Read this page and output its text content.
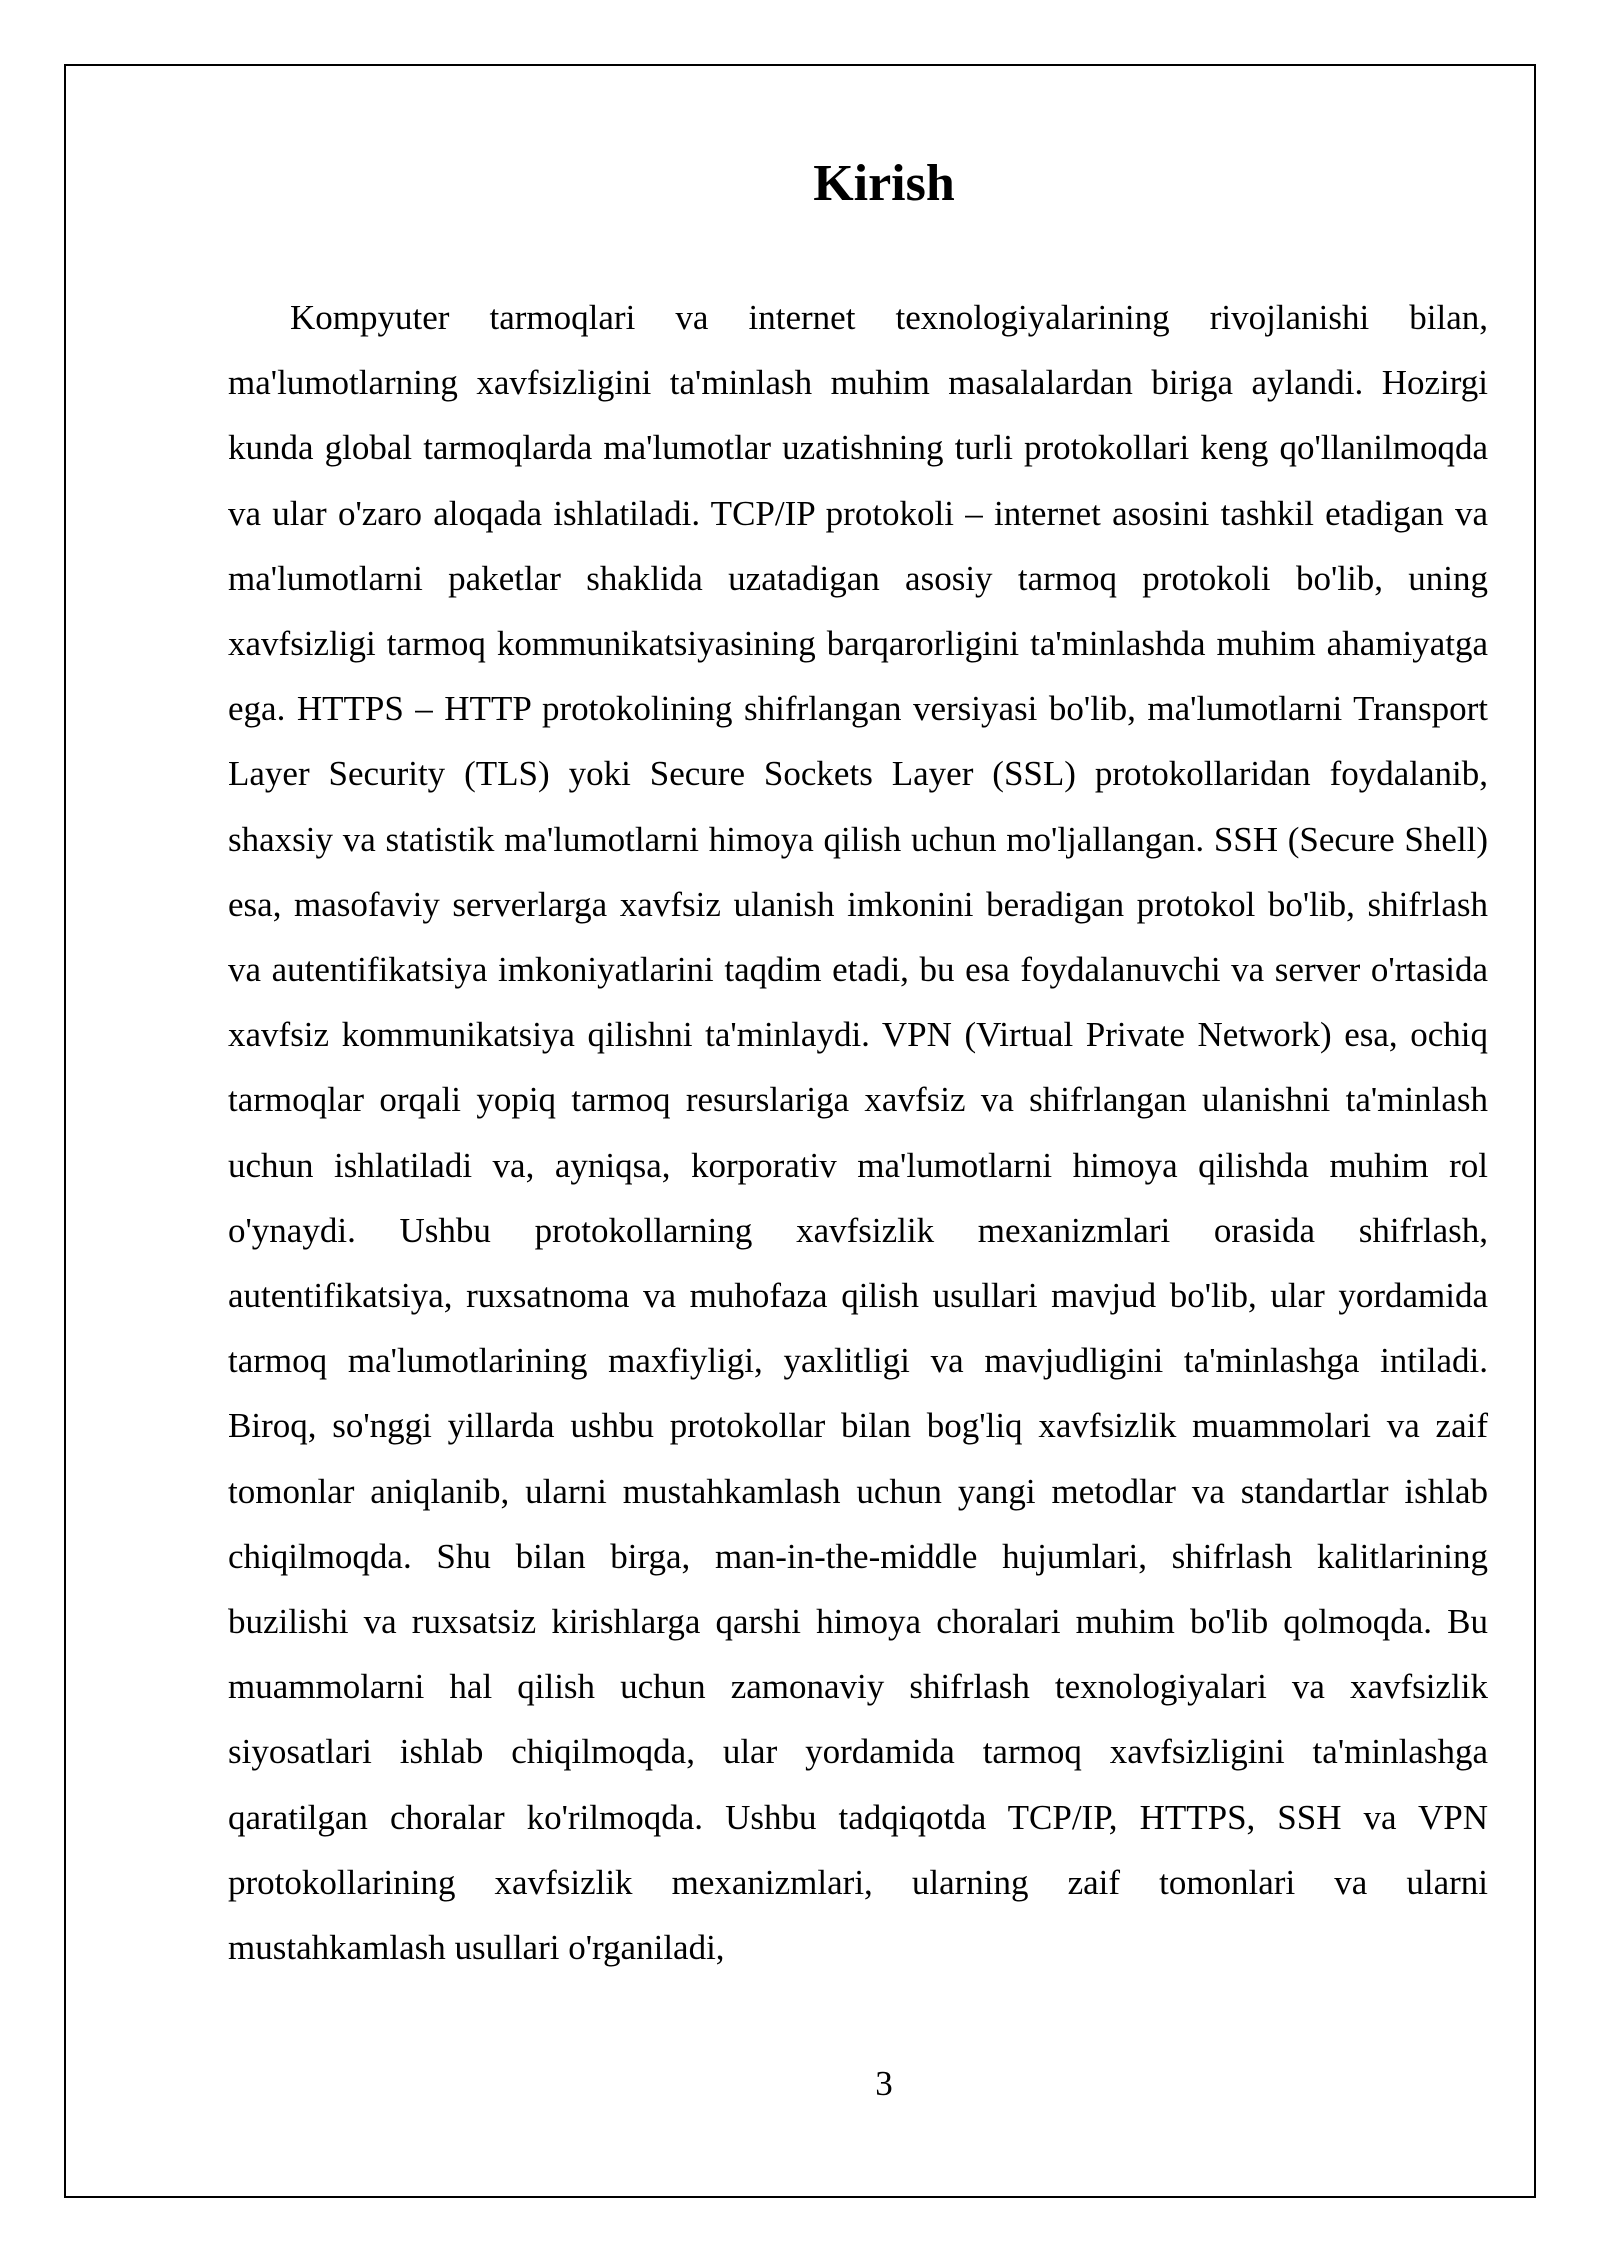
Kirish

Kompyuter tarmoqlari va internet texnologiyalarining rivojlanishi bilan, ma'lumotlarning xavfsizligini ta'minlash muhim masalalardan biriga aylandi. Hozirgi kunda global tarmoqlarda ma'lumotlar uzatishning turli protokollari keng qo'llanilmoqda va ular o'zaro aloqada ishlatiladi. TCP/IP protokoli – internet asosini tashkil etadigan va ma'lumotlarni paketlar shaklida uzatadigan asosiy tarmoq protokoli bo'lib, uning xavfsizligi tarmoq kommunikatsiyasining barqarorligini ta'minlashda muhim ahamiyatga ega. HTTPS – HTTP protokolining shifrlangan versiyasi bo'lib, ma'lumotlarni Transport Layer Security (TLS) yoki Secure Sockets Layer (SSL) protokollaridan foydalanib, shaxsiy va statistik ma'lumotlarni himoya qilish uchun mo'ljallangan. SSH (Secure Shell) esa, masofaviy serverlarga xavfsiz ulanish imkonini beradigan protokol bo'lib, shifrlash va autentifikatsiya imkoniyatlarini taqdim etadi, bu esa foydalanuvchi va server o'rtasida xavfsiz kommunikatsiya qilishni ta'minlaydi. VPN (Virtual Private Network) esa, ochiq tarmoqlar orqali yopiq tarmoq resurslariga xavfsiz va shifrlangan ulanishni ta'minlash uchun ishlatiladi va, ayniqsa, korporativ ma'lumotlarni himoya qilishda muhim rol o'ynaydi. Ushbu protokollarning xavfsizlik mexanizmlari orasida shifrlash, autentifikatsiya, ruxsatnoma va muhofaza qilish usullari mavjud bo'lib, ular yordamida tarmoq ma'lumotlarining maxfiyligi, yaxlitligi va mavjudligini ta'minlashga intiladi. Biroq, so'nggi yillarda ushbu protokollar bilan bog'liq xavfsizlik muammolari va zaif tomonlar aniqlanib, ularni mustahkamlash uchun yangi metodlar va standartlar ishlab chiqilmoqda. Shu bilan birga, man-in-the-middle hujumlari, shifrlash kalitlarining buzilishi va ruxsatsiz kirishlarga qarshi himoya choralari muhim bo'lib qolmoqda. Bu muammolarni hal qilish uchun zamonaviy shifrlash texnologiyalari va xavfsizlik siyosatlari ishlab chiqilmoqda, ular yordamida tarmoq xavfsizligini ta'minlashga qaratilgan choralar ko'rilmoqda. Ushbu tadqiqotda TCP/IP, HTTPS, SSH va VPN protokollarining xavfsizlik mexanizmlari, ularning zaif tomonlari va ularni mustahkamlash usullari o'rganiladi,

3
